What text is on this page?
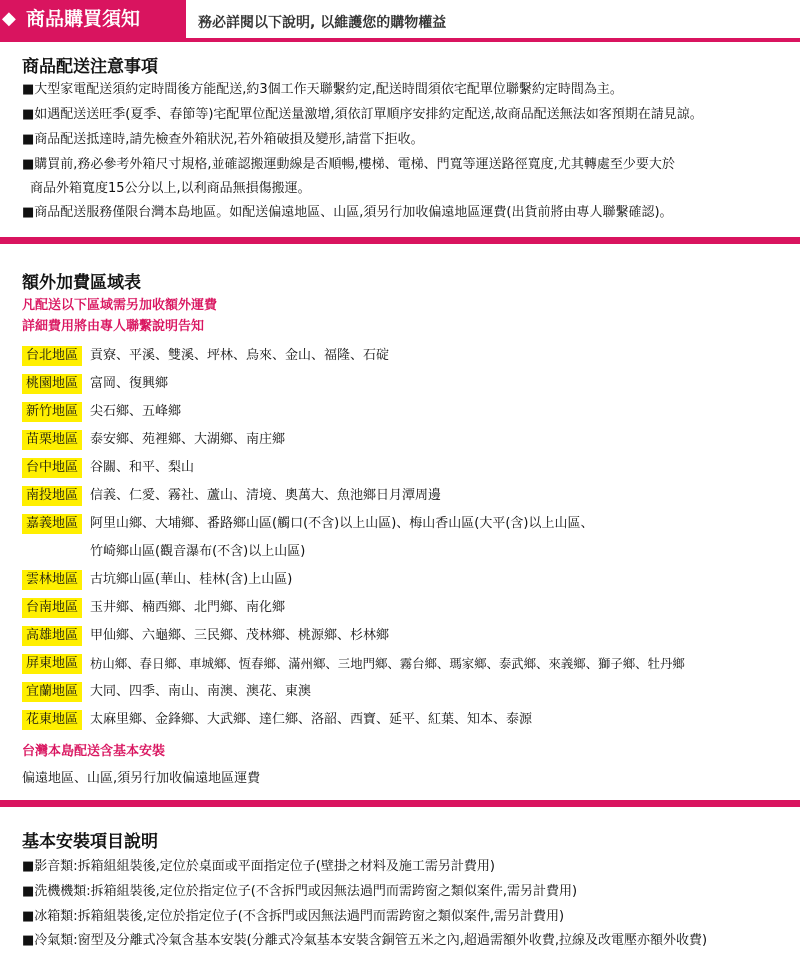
◆ 商品購買須知	務必詳閱以下說明, 以維護您的購物權益
商品配送注意事項
■大型家電配送須約定時間後方能配送,約3個工作天聯繫約定,配送時間須依宅配單位聯繫約定時間為主。
■如遇配送送旺季(夏季、春節等)宅配單位配送量激增,須依訂單順序安排約定配送,故商品配送無法如客預期在請見諒。
■商品配送抵達時,請先檢查外箱狀況,若外箱破損及變形,請當下拒收。
■購買前,務必參考外箱尺寸規格,並確認搬運動線是否順暢,樓梯、電梯、門寬等運送路徑寬度,尤其轉處至少要大於
商品外箱寬度15公分以上,以利商品無損傷搬運。
■商品配送服務僅限台灣本島地區。如配送偏遠地區、山區,須另行加收偏遠地區運費(出貨前將由專人聯繫確認)。
額外加費區域表
凡配送以下區域需另加收額外運費
詳細費用將由專人聯繫說明告知
台北地區 貢寮、平溪、雙溪、坪林、烏來、金山、福隆、石碇
桃園地區 富岡、復興鄉
新竹地區 尖石鄉、五峰鄉
苗栗地區 泰安鄉、苑裡鄉、大湖鄉、南庄鄉
台中地區 谷關、和平、梨山
南投地區 信義、仁愛、霧社、蘆山、清境、奧萬大、魚池鄉日月潭周邊
嘉義地區 阿里山鄉、大埔鄉、番路鄉山區(觸口(不含)以上山區)、梅山香山區(大平(含)以上山區、
竹崎鄉山區(觀音瀑布(不含)以上山區)
雲林地區 古坑鄉山區(華山、桂林(含)上山區)
台南地區 玉井鄉、楠西鄉、北門鄉、南化鄉
高雄地區 甲仙鄉、六龜鄉、三民鄉、茂林鄉、桃源鄉、杉林鄉
屏東地區 枋山鄉、春日鄉、車城鄉、恆春鄉、滿州鄉、三地門鄉、霧台鄉、瑪家鄉、泰武鄉、來義鄉、獅子鄉、牡丹鄉
宜蘭地區 大同、四季、南山、南澳、澳花、東澳
花東地區 太麻里鄉、金鋒鄉、大武鄉、達仁鄉、洛韶、西寶、延平、紅葉、知本、泰源
台灣本島配送含基本安裝
偏遠地區、山區,須另行加收偏遠地區運費
基本安裝項目說明
■影音類:拆箱組組裝後,定位於桌面或平面指定位子(壁掛之材料及施工需另計費用)
■洗機機類:拆箱組裝後,定位於指定位子(不含拆門或因無法過門而需跨窗之類似案件,需另計費用)
■冰箱類:拆箱組裝後,定位於指定位子(不含拆門或因無法過門而需跨窗之類似案件,需另計費用)
■冷氣類:窗型及分離式冷氣含基本安裝(分離式冷氣基本安裝含銅管五米之內,超過需額外收費,拉線及改電壓亦額外收費)
